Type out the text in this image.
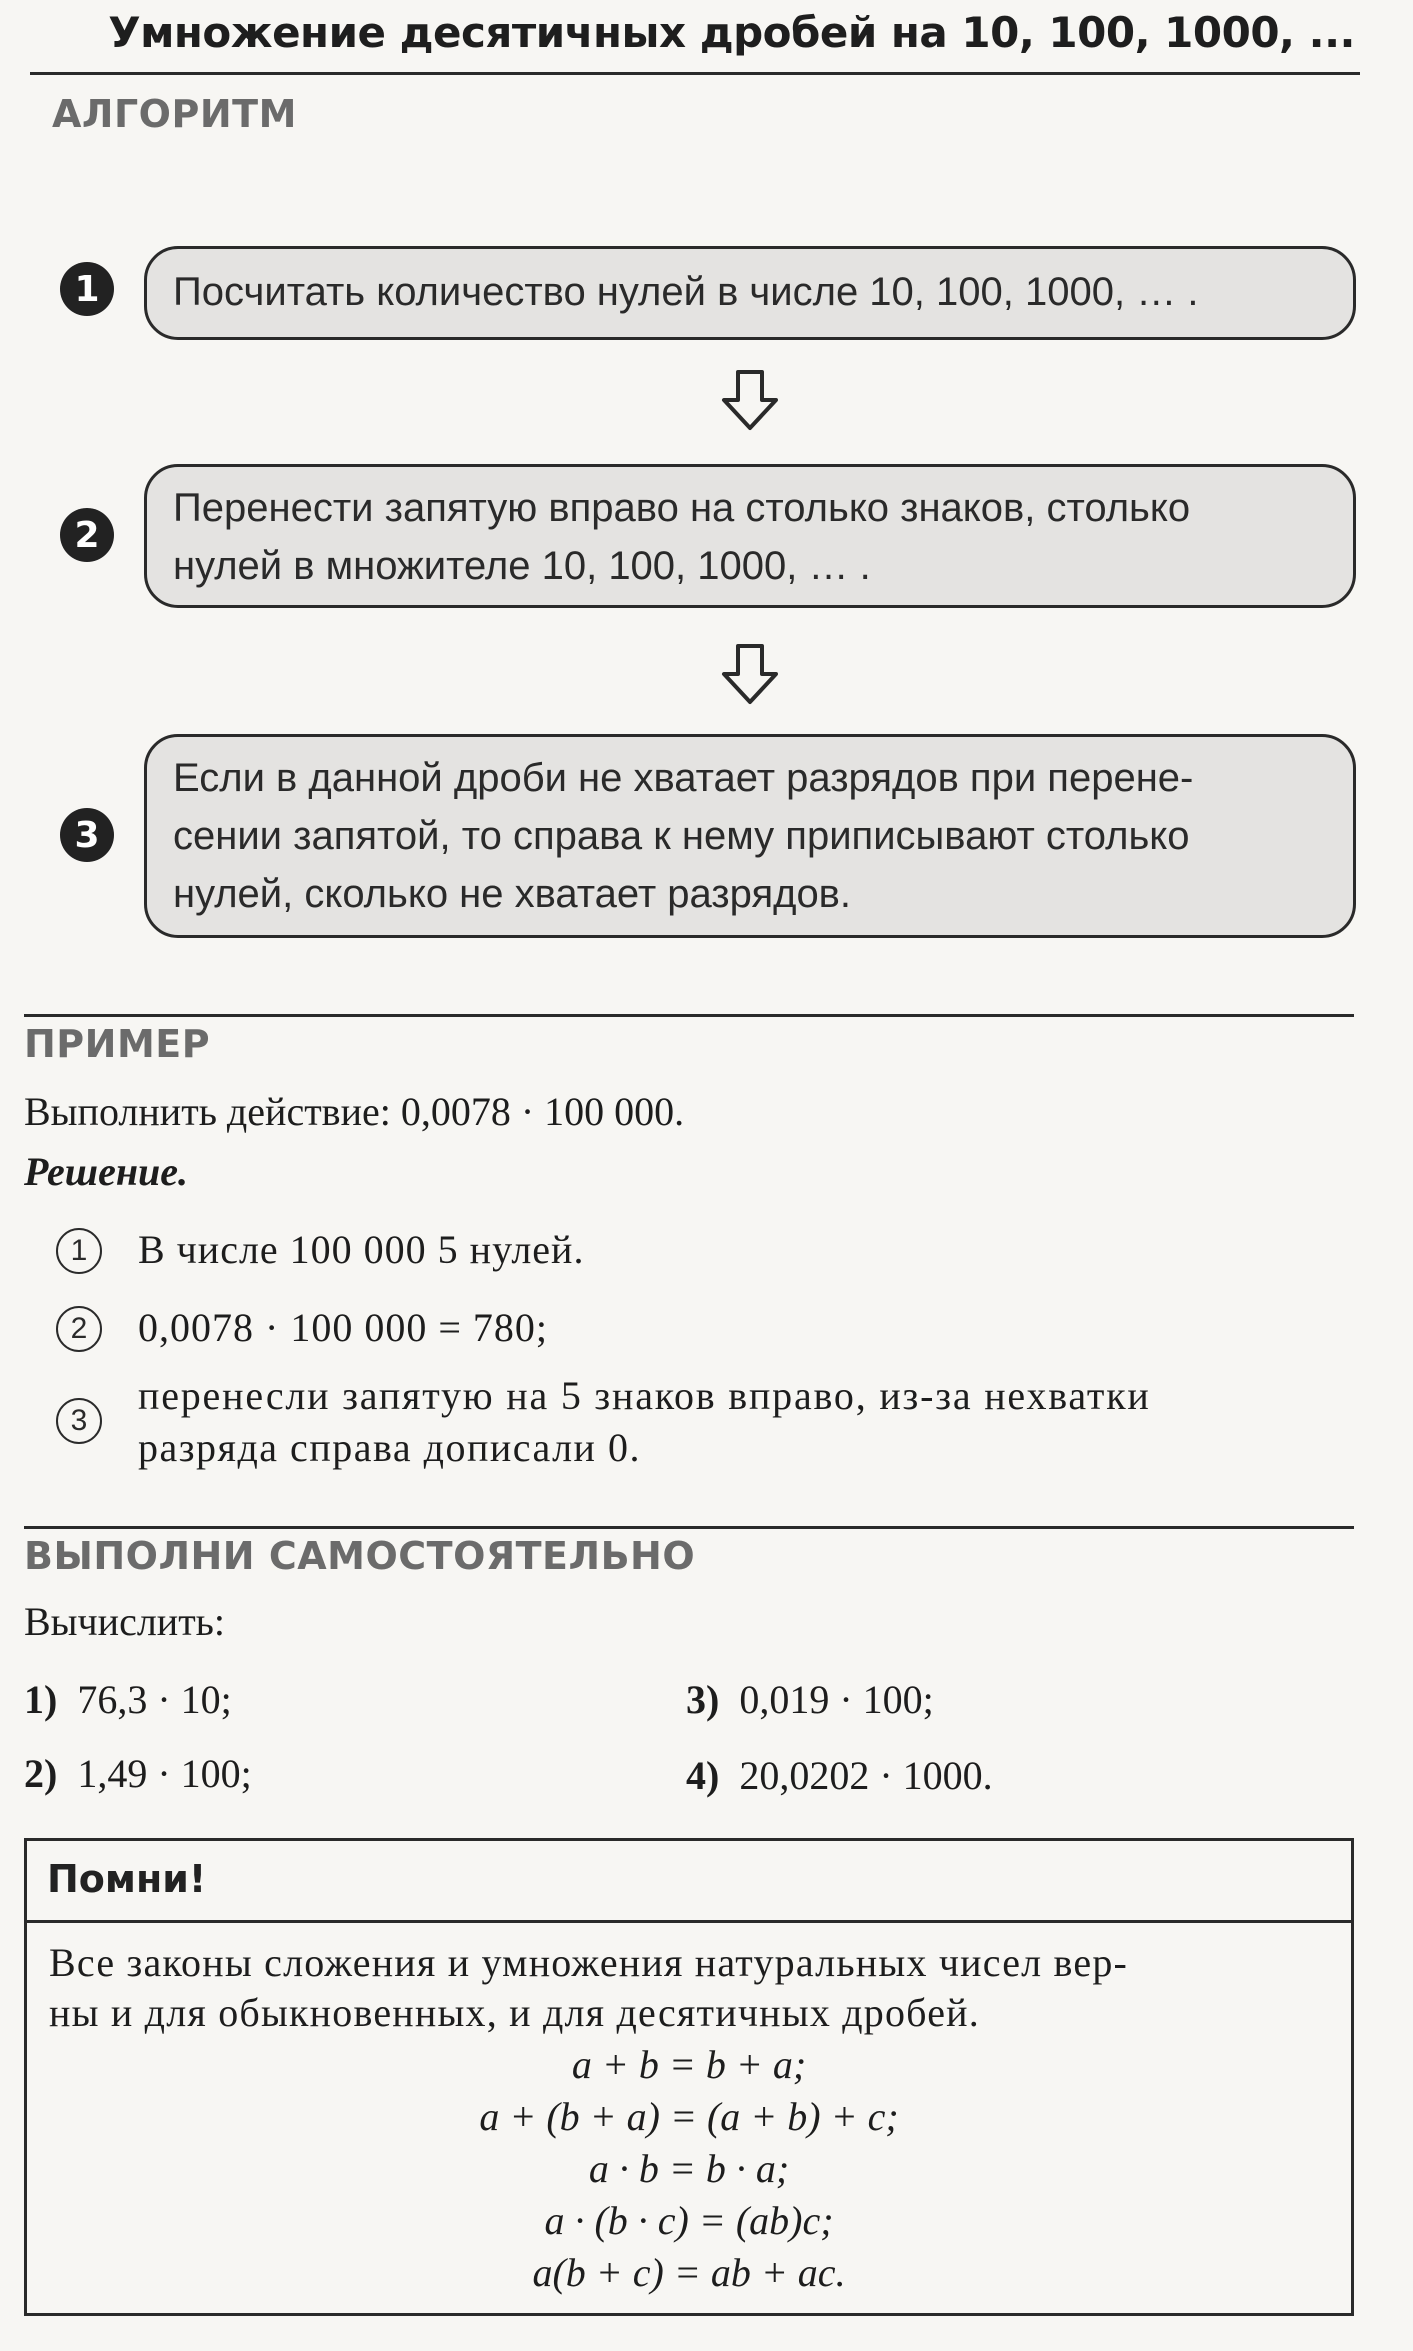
Умножение десятичных дробей на 10, 100, 1000, ...
АЛГОРИТМ
1	Посчитать количество нулей в числе 10, 100, 1000, … .
2
Перенести запятую вправо на столько знаков, столько
нулей в множителе 10, 100, 1000, … .
3
Если в данной дроби не хватает разрядов при перене-
сении запятой, то справа к нему приписывают столько
нулей, сколько не хватает разрядов.
ПРИМЕР
Выполнить действие: 0,0078 · 100 000.
Решение.
1	В числе 100 000 5 нулей.
2	0,0078 · 100 000 = 780;
3
перенесли запятую на 5 знаков вправо, из-за нехватки
разряда справа дописали 0.
ВЫПОЛНИ САМОСТОЯТЕЛЬНО
Вычислить:
1) 76,3 · 10;
2) 1,49 · 100;
3) 0,019 · 100;
4) 20,0202 · 1000.
Помни!
Все законы сложения и умножения натуральных чисел вер-
ны и для обыкновенных, и для десятичных дробей.
a + b = b + a;
a + (b + a) = (a + b) + c;
a · b = b · a;
a · (b · c) = (ab)c;
a(b + c) = ab + ac.
